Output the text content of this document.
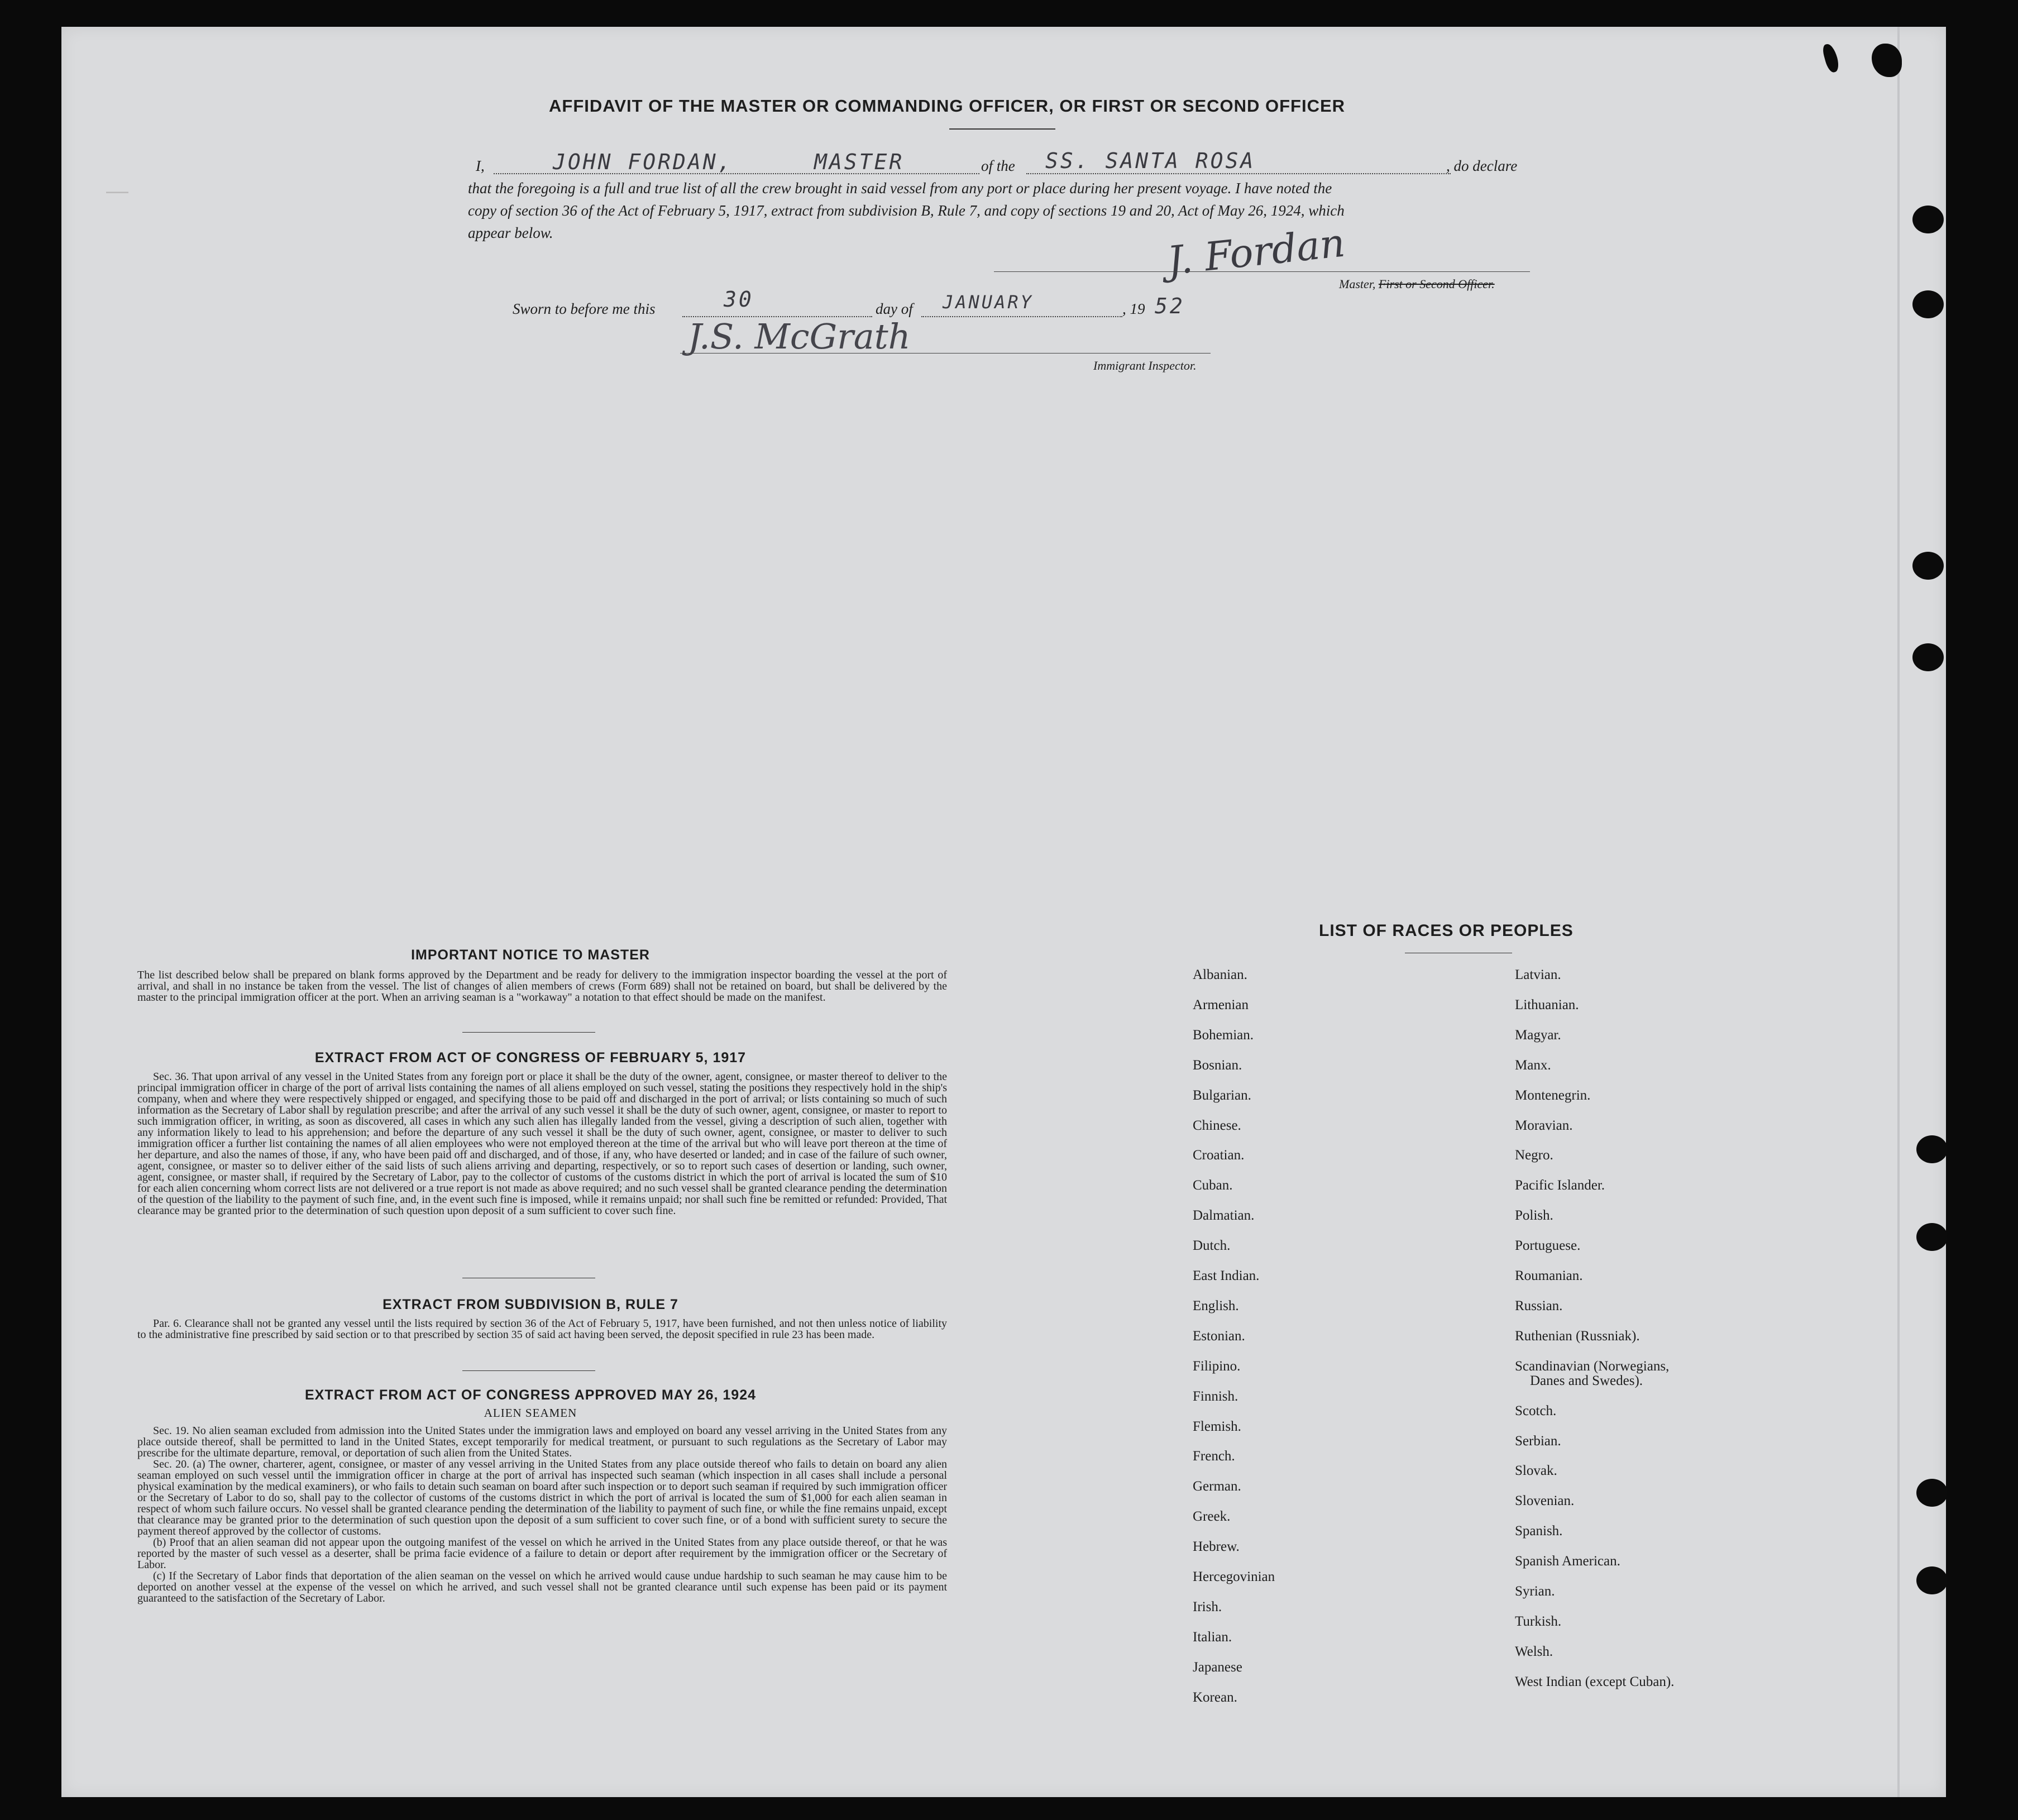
—
AFFIDAVIT OF THE MASTER OR COMMANDING OFFICER, OR FIRST OR SECOND OFFICER
I,	JOHN FORDAN,	MASTER	of the SS. SANTA ROSA	, do declare
that the foregoing is a full and true list of all the crew brought in said vessel from any port or place during her present voyage. I have noted the
copy of section 36 of the Act of February 5, 1917, extract from subdivision B, Rule 7, and copy of sections 19 and 20, Act of May 26, 1924, which
appear below.	J. Fordan
Master, First or Second Officer.
Sworn to before me this	30	day of JANUARY	, 19 52
J.S. McGrath
Immigrant Inspector.
IMPORTANT NOTICE TO MASTER
The list described below shall be prepared on blank forms approved by the Department and be ready for delivery to the immigration inspector boarding the vessel at the port of arrival, and shall in no instance be taken from the vessel. The list of changes of alien members of crews (Form 689) shall not be retained on board, but shall be delivered by the master to the principal immigration officer at the port. When an arriving seaman is a "workaway" a notation to that effect should be made on the manifest.
EXTRACT FROM ACT OF CONGRESS OF FEBRUARY 5, 1917
Sec. 36. That upon arrival of any vessel in the United States from any foreign port or place it shall be the duty of the owner, agent, consignee, or master thereof to deliver to the principal immigration officer in charge of the port of arrival lists containing the names of all aliens employed on such vessel, stating the positions they respectively hold in the ship's company, when and where they were respectively shipped or engaged, and specifying those to be paid off and discharged in the port of arrival; or lists containing so much of such information as the Secretary of Labor shall by regulation prescribe; and after the arrival of any such vessel it shall be the duty of such owner, agent, consignee, or master to report to such immigration officer, in writing, as soon as discovered, all cases in which any such alien has illegally landed from the vessel, giving a description of such alien, together with any information likely to lead to his apprehension; and before the departure of any such vessel it shall be the duty of such owner, agent, consignee, or master to deliver to such immigration officer a further list containing the names of all alien employees who were not employed thereon at the time of the arrival but who will leave port thereon at the time of her departure, and also the names of those, if any, who have been paid off and discharged, and of those, if any, who have deserted or landed; and in case of the failure of such owner, agent, consignee, or master so to deliver either of the said lists of such aliens arriving and departing, respectively, or so to report such cases of desertion or landing, such owner, agent, consignee, or master shall, if required by the Secretary of Labor, pay to the collector of customs of the customs district in which the port of arrival is located the sum of $10 for each alien concerning whom correct lists are not delivered or a true report is not made as above required; and no such vessel shall be granted clearance pending the determination of the question of the liability to the payment of such fine, and, in the event such fine is imposed, while it remains unpaid; nor shall such fine be remitted or refunded: Provided, That clearance may be granted prior to the determination of such question upon deposit of a sum sufficient to cover such fine.
EXTRACT FROM SUBDIVISION B, RULE 7
Par. 6. Clearance shall not be granted any vessel until the lists required by section 36 of the Act of February 5, 1917, have been furnished, and not then unless notice of liability to the administrative fine prescribed by said section or to that prescribed by section 35 of said act having been served, the deposit specified in rule 23 has been made.
EXTRACT FROM ACT OF CONGRESS APPROVED MAY 26, 1924
ALIEN SEAMEN

Sec. 19. No alien seaman excluded from admission into the United States under the immigration laws and employed on board any vessel arriving in the United States from any place outside thereof, shall be permitted to land in the United States, except temporarily for medical treatment, or pursuant to such regulations as the Secretary of Labor may prescribe for the ultimate departure, removal, or deportation of such alien from the United States.

Sec. 20. (a) The owner, charterer, agent, consignee, or master of any vessel arriving in the United States from any place outside thereof who fails to detain on board any alien seaman employed on such vessel until the immigration officer in charge at the port of arrival has inspected such seaman (which inspection in all cases shall include a personal physical examination by the medical examiners), or who fails to detain such seaman on board after such inspection or to deport such seaman if required by such immigration officer or the Secretary of Labor to do so, shall pay to the collector of customs of the customs district in which the port of arrival is located the sum of $1,000 for each alien seaman in respect of whom such failure occurs. No vessel shall be granted clearance pending the determination of the liability to payment of such fine, or while the fine remains unpaid, except that clearance may be granted prior to the determination of such question upon the deposit of a sum sufficient to cover such fine, or of a bond with sufficient surety to secure the payment thereof approved by the collector of customs.

(b) Proof that an alien seaman did not appear upon the outgoing manifest of the vessel on which he arrived in the United States from any place outside thereof, or that he was reported by the master of such vessel as a deserter, shall be prima facie evidence of a failure to detain or deport after requirement by the immigration officer or the Secretary of Labor.

(c) If the Secretary of Labor finds that deportation of the alien seaman on the vessel on which he arrived would cause undue hardship to such seaman he may cause him to be deported on another vessel at the expense of the vessel on which he arrived, and such vessel shall not be granted clearance until such expense has been paid or its payment guaranteed to the satisfaction of the Secretary of Labor.

LIST OF RACES OR PEOPLES
Albanian.
Armenian
Bohemian.
Bosnian.
Bulgarian.
Chinese.
Croatian.
Cuban.
Dalmatian.
Dutch.
East Indian.
English.
Estonian.
Filipino.
Finnish.
Flemish.
French.
German.
Greek.
Hebrew.
Hercegovinian
Irish.
Italian.
Japanese
Korean.
Latvian.
Lithuanian.
Magyar.
Manx.
Montenegrin.
Moravian.
Negro.
Pacific Islander.
Polish.
Portuguese.
Roumanian.
Russian.
Ruthenian (Russniak).
Scandinavian (Norwegians,
Danes and Swedes).
Scotch.
Serbian.
Slovak.
Slovenian.
Spanish.
Spanish American.
Syrian.
Turkish.
Welsh.
West Indian (except Cuban).
